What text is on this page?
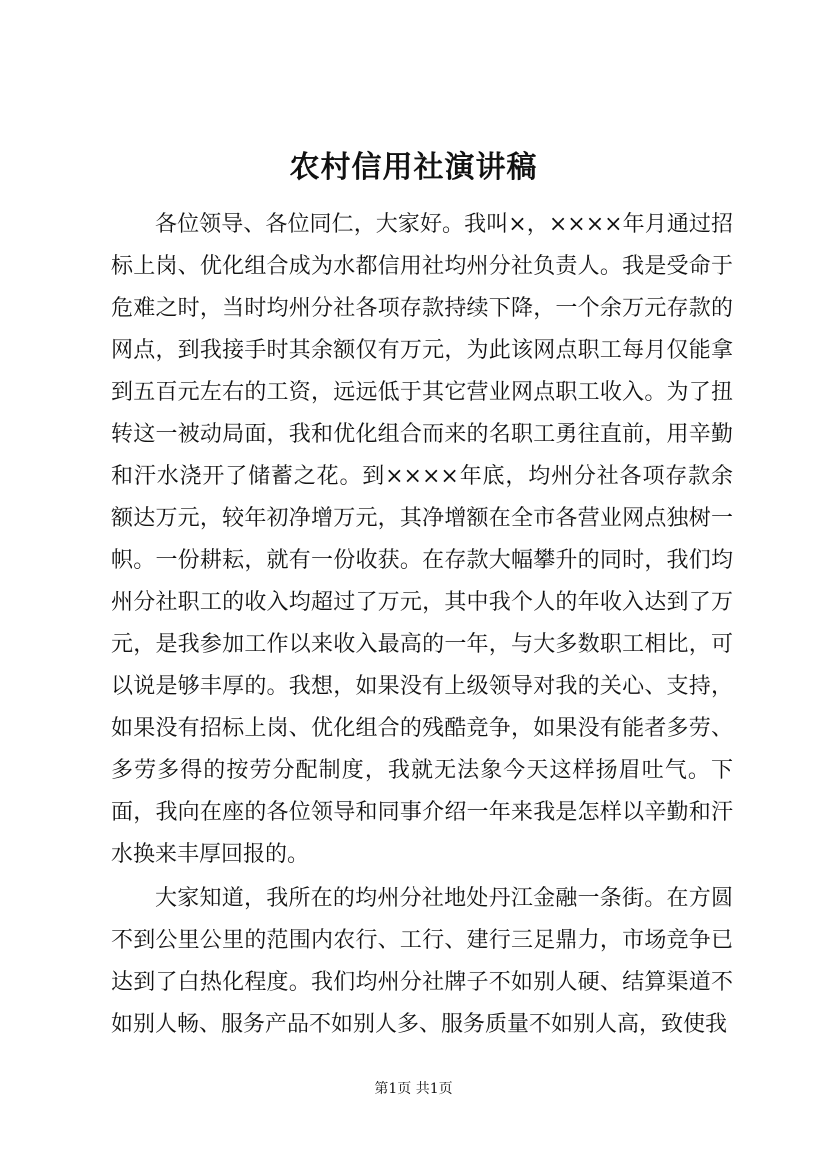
农村信用社演讲稿

各位领导、各位同仁，大家好。我叫×，××××年月通过招标上岗、优化组合成为水都信用社均州分社负责人。我是受命于危难之时，当时均州分社各项存款持续下降，一个余万元存款的网点，到我接手时其余额仅有万元，为此该网点职工每月仅能拿到五百元左右的工资，远远低于其它营业网点职工收入。为了扭转这一被动局面，我和优化组合而来的名职工勇往直前，用辛勤和汗水浇开了储蓄之花。到××××年底，均州分社各项存款余额达万元，较年初净增万元，其净增额在全市各营业网点独树一帜。一份耕耘，就有一份收获。在存款大幅攀升的同时，我们均州分社职工的收入均超过了万元，其中我个人的年收入达到了万元，是我参加工作以来收入最高的一年，与大多数职工相比，可以说是够丰厚的。我想，如果没有上级领导对我的关心、支持，如果没有招标上岗、优化组合的残酷竞争，如果没有能者多劳、多劳多得的按劳分配制度，我就无法象今天这样扬眉吐气。下面，我向在座的各位领导和同事介绍一年来我是怎样以辛勤和汗水换来丰厚回报的。

大家知道，我所在的均州分社地处丹江金融一条街。在方圆不到公里公里的范围内农行、工行、建行三足鼎力，市场竞争已达到了白热化程度。我们均州分社牌子不如别人硬、结算渠道不如别人畅、服务产品不如别人多、服务质量不如别人高，致使我

第1页 共1页
